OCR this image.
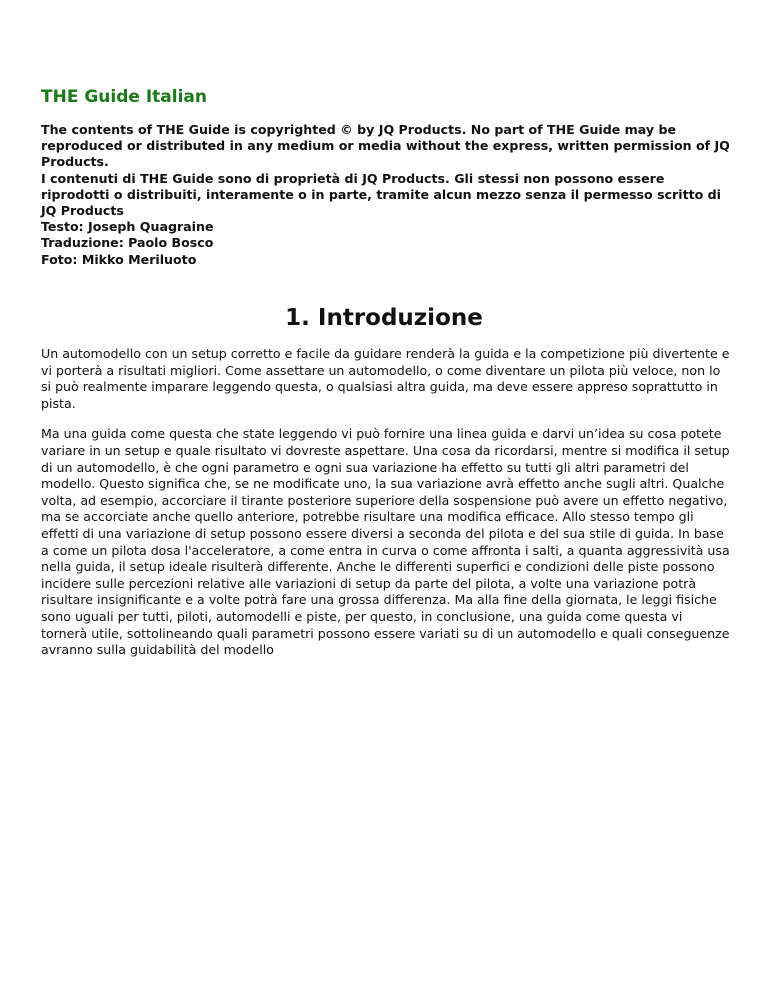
THE Guide Italian

The contents of THE Guide is copyrighted © by JQ Products. No part of THE Guide may be reproduced or distributed in any medium or media without the express, written permission of JQ Products.

I contenuti di THE Guide sono di proprietà di JQ Products. Gli stessi non possono essere riprodotti o distribuiti, interamente o in parte, tramite alcun mezzo senza il permesso scritto di JQ Products

Testo: Joseph Quagraine

Traduzione: Paolo Bosco

Foto: Mikko Meriluoto

1. Introduzione

Un automodello con un setup corretto e facile da guidare renderà la guida e la competizione più divertente e vi porterà a risultati migliori. Come assettare un automodello, o come diventare un pilota più veloce, non lo si può realmente imparare leggendo questa, o qualsiasi altra guida, ma deve essere appreso soprattutto in pista.

Ma una guida come questa che state leggendo vi può fornire una linea guida e darvi un’idea su cosa potete variare in un setup e quale risultato vi dovreste aspettare. Una cosa da ricordarsi, mentre si modifica il setup di un automodello, è che ogni parametro e ogni sua variazione ha effetto su tutti gli altri parametri del modello. Questo significa che, se ne modificate uno, la sua variazione avrà effetto anche sugli altri. Qualche volta, ad esempio, accorciare il tirante posteriore superiore della sospensione può avere un effetto negativo, ma se accorciate anche quello anteriore, potrebbe risultare una modifica efficace. Allo stesso tempo gli effetti di una variazione di setup possono essere diversi a seconda del pilota e del sua stile di guida. In base a come un pilota dosa l'acceleratore, a come entra in curva o come affronta i salti, a quanta aggressività usa nella guida, il setup ideale risulterà differente. Anche le differenti superfici e condizioni delle piste possono incidere sulle percezioni relative alle variazioni di setup da parte del pilota, a volte una variazione potrà risultare insignificante e a volte potrà fare una grossa differenza. Ma alla fine della giornata, le leggi fisiche sono uguali per tutti, piloti, automodelli e piste, per questo, in conclusione, una guida come questa vi tornerà utile, sottolineando quali parametri possono essere variati su di un automodello e quali conseguenze avranno sulla guidabilità del modello
